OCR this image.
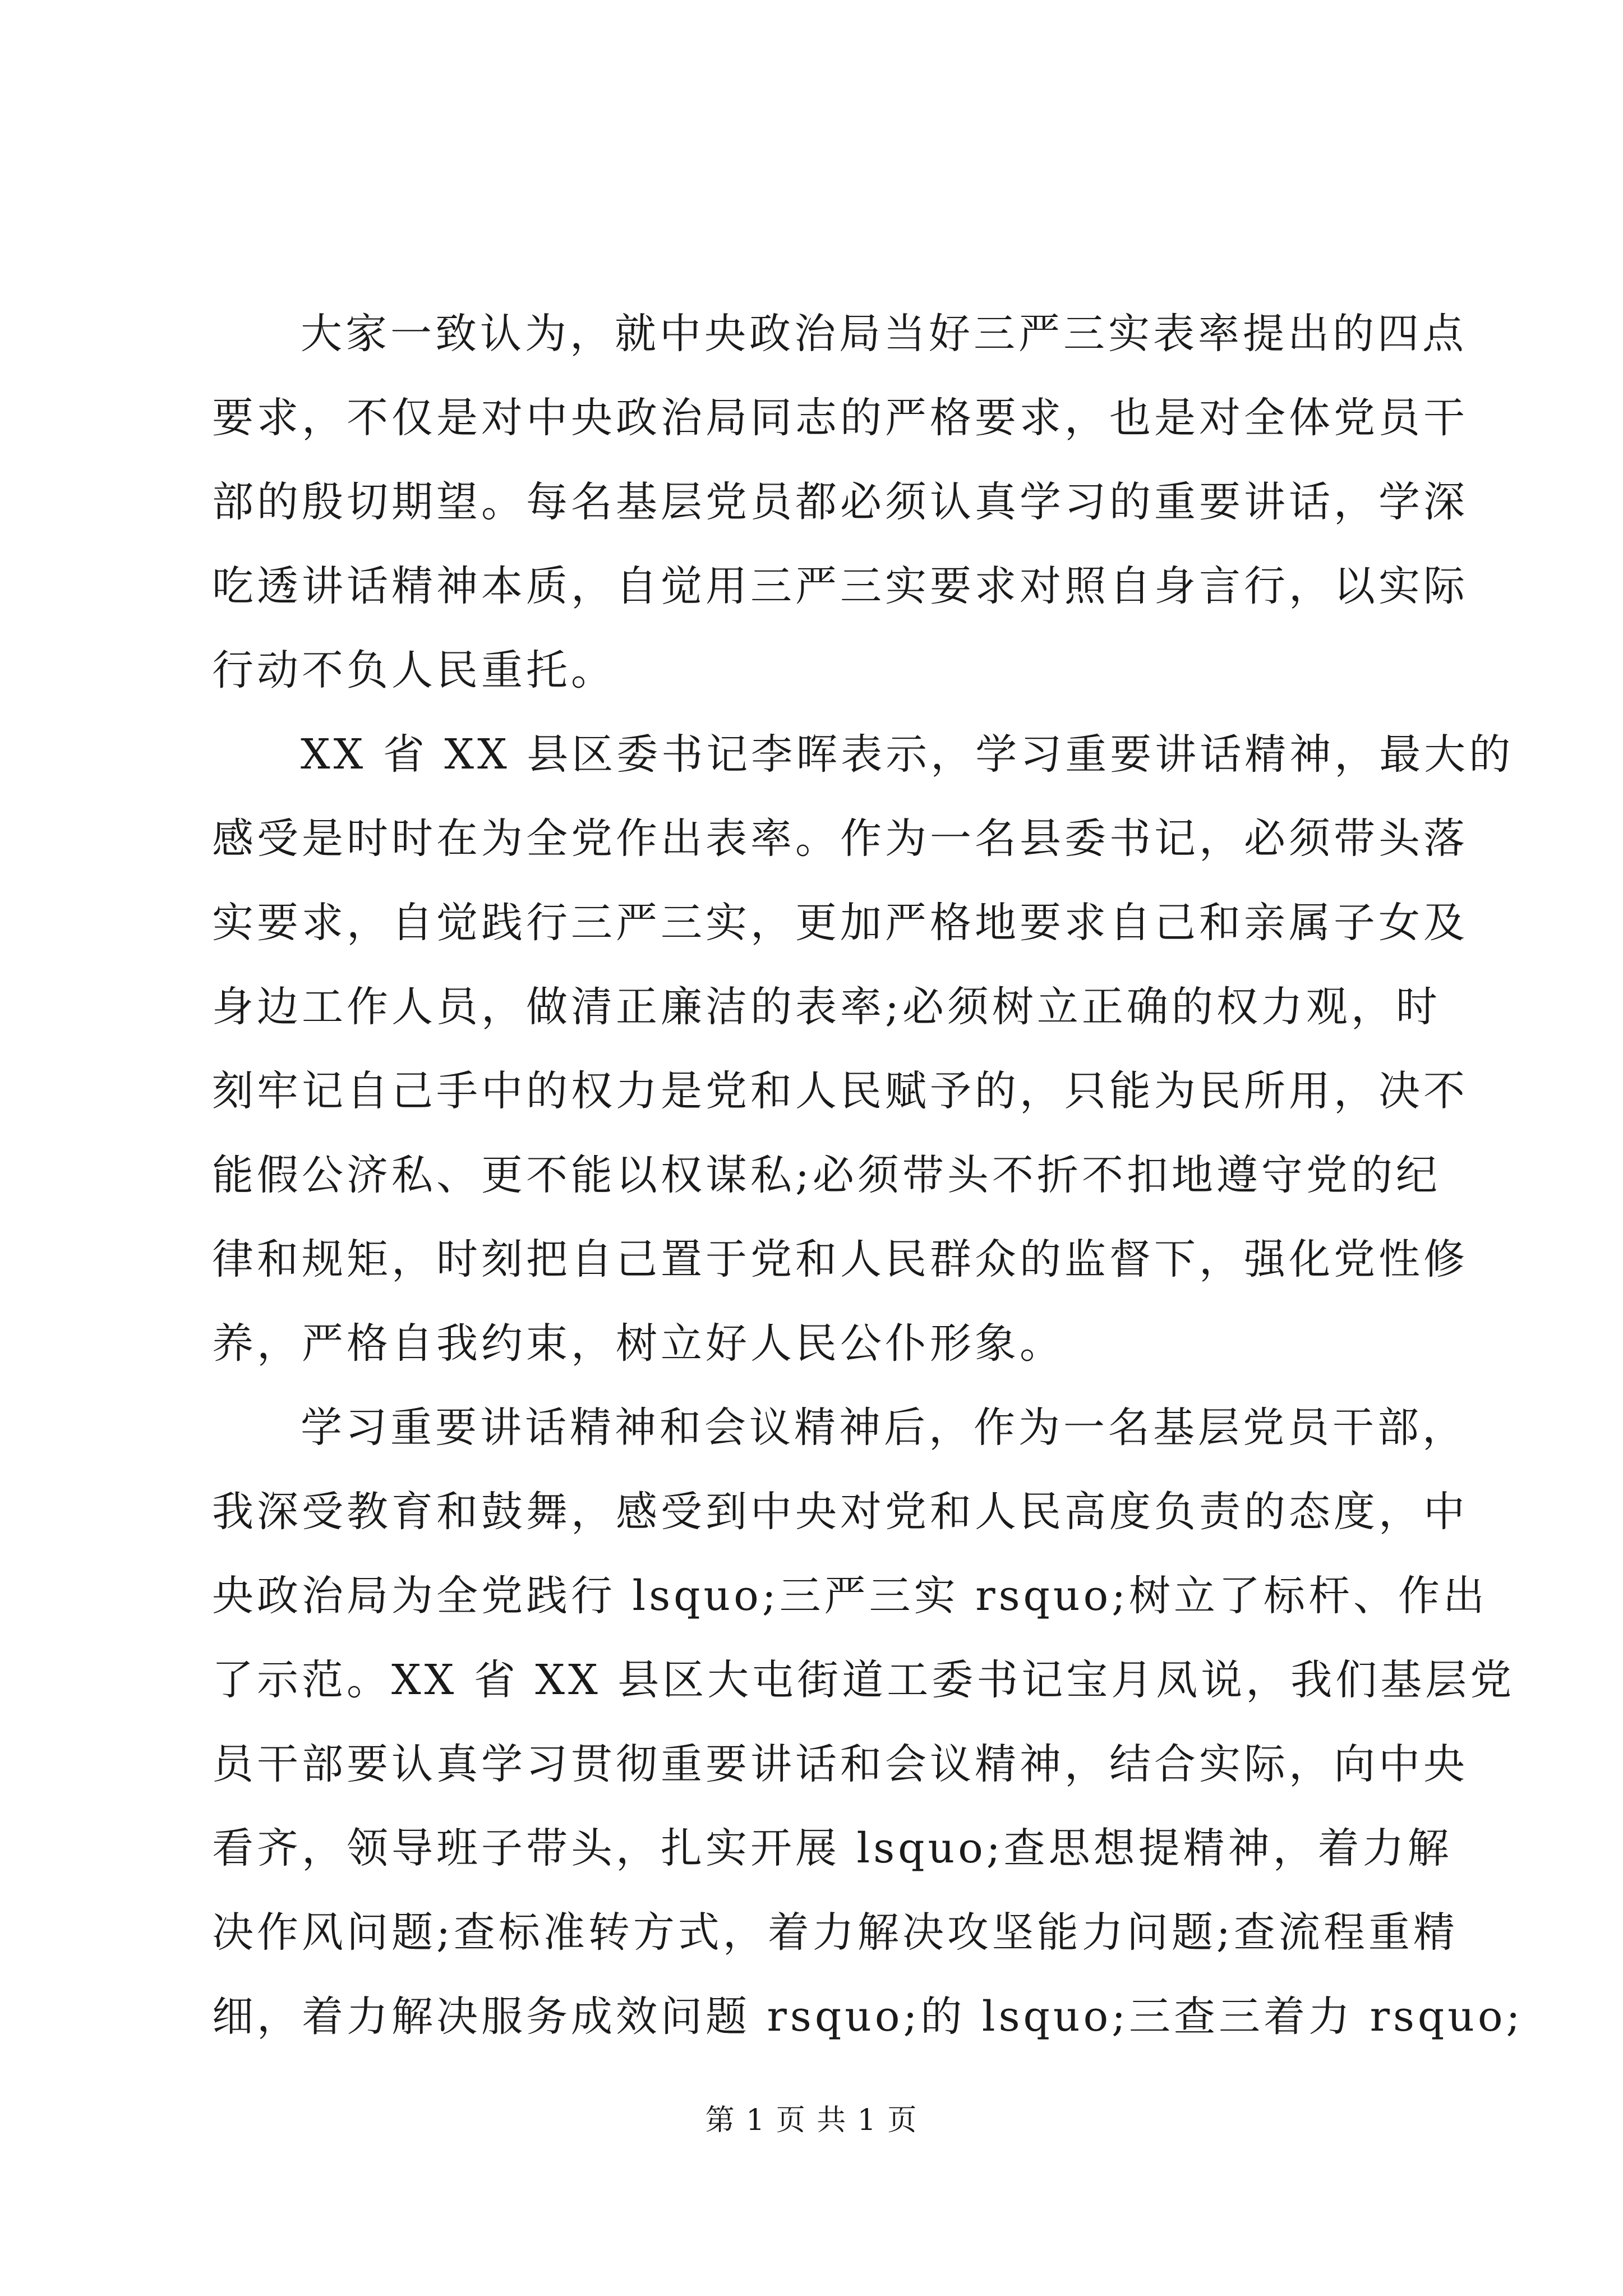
大家一致认为，就中央政治局当好三严三实表率提出的四点
要求，不仅是对中央政治局同志的严格要求，也是对全体党员干
部的殷切期望。每名基层党员都必须认真学习的重要讲话，学深
吃透讲话精神本质，自觉用三严三实要求对照自身言行，以实际
行动不负人民重托。
XX 省 XX 县区委书记李晖表示，学习重要讲话精神，最大的
感受是时时在为全党作出表率。作为一名县委书记，必须带头落
实要求，自觉践行三严三实，更加严格地要求自己和亲属子女及
身边工作人员，做清正廉洁的表率;必须树立正确的权力观，时
刻牢记自己手中的权力是党和人民赋予的，只能为民所用，决不
能假公济私、更不能以权谋私;必须带头不折不扣地遵守党的纪
律和规矩，时刻把自己置于党和人民群众的监督下，强化党性修
养，严格自我约束，树立好人民公仆形象。
学习重要讲话精神和会议精神后，作为一名基层党员干部，
我深受教育和鼓舞，感受到中央对党和人民高度负责的态度，中
央政治局为全党践行 lsquo;三严三实 rsquo;树立了标杆、作出
了示范。XX 省 XX 县区大屯街道工委书记宝月凤说，我们基层党
员干部要认真学习贯彻重要讲话和会议精神，结合实际，向中央
看齐，领导班子带头，扎实开展 lsquo;查思想提精神，着力解
决作风问题;查标准转方式，着力解决攻坚能力问题;查流程重精
细，着力解决服务成效问题 rsquo;的 lsquo;三查三着力 rsquo;
第 1 页 共 1 页
